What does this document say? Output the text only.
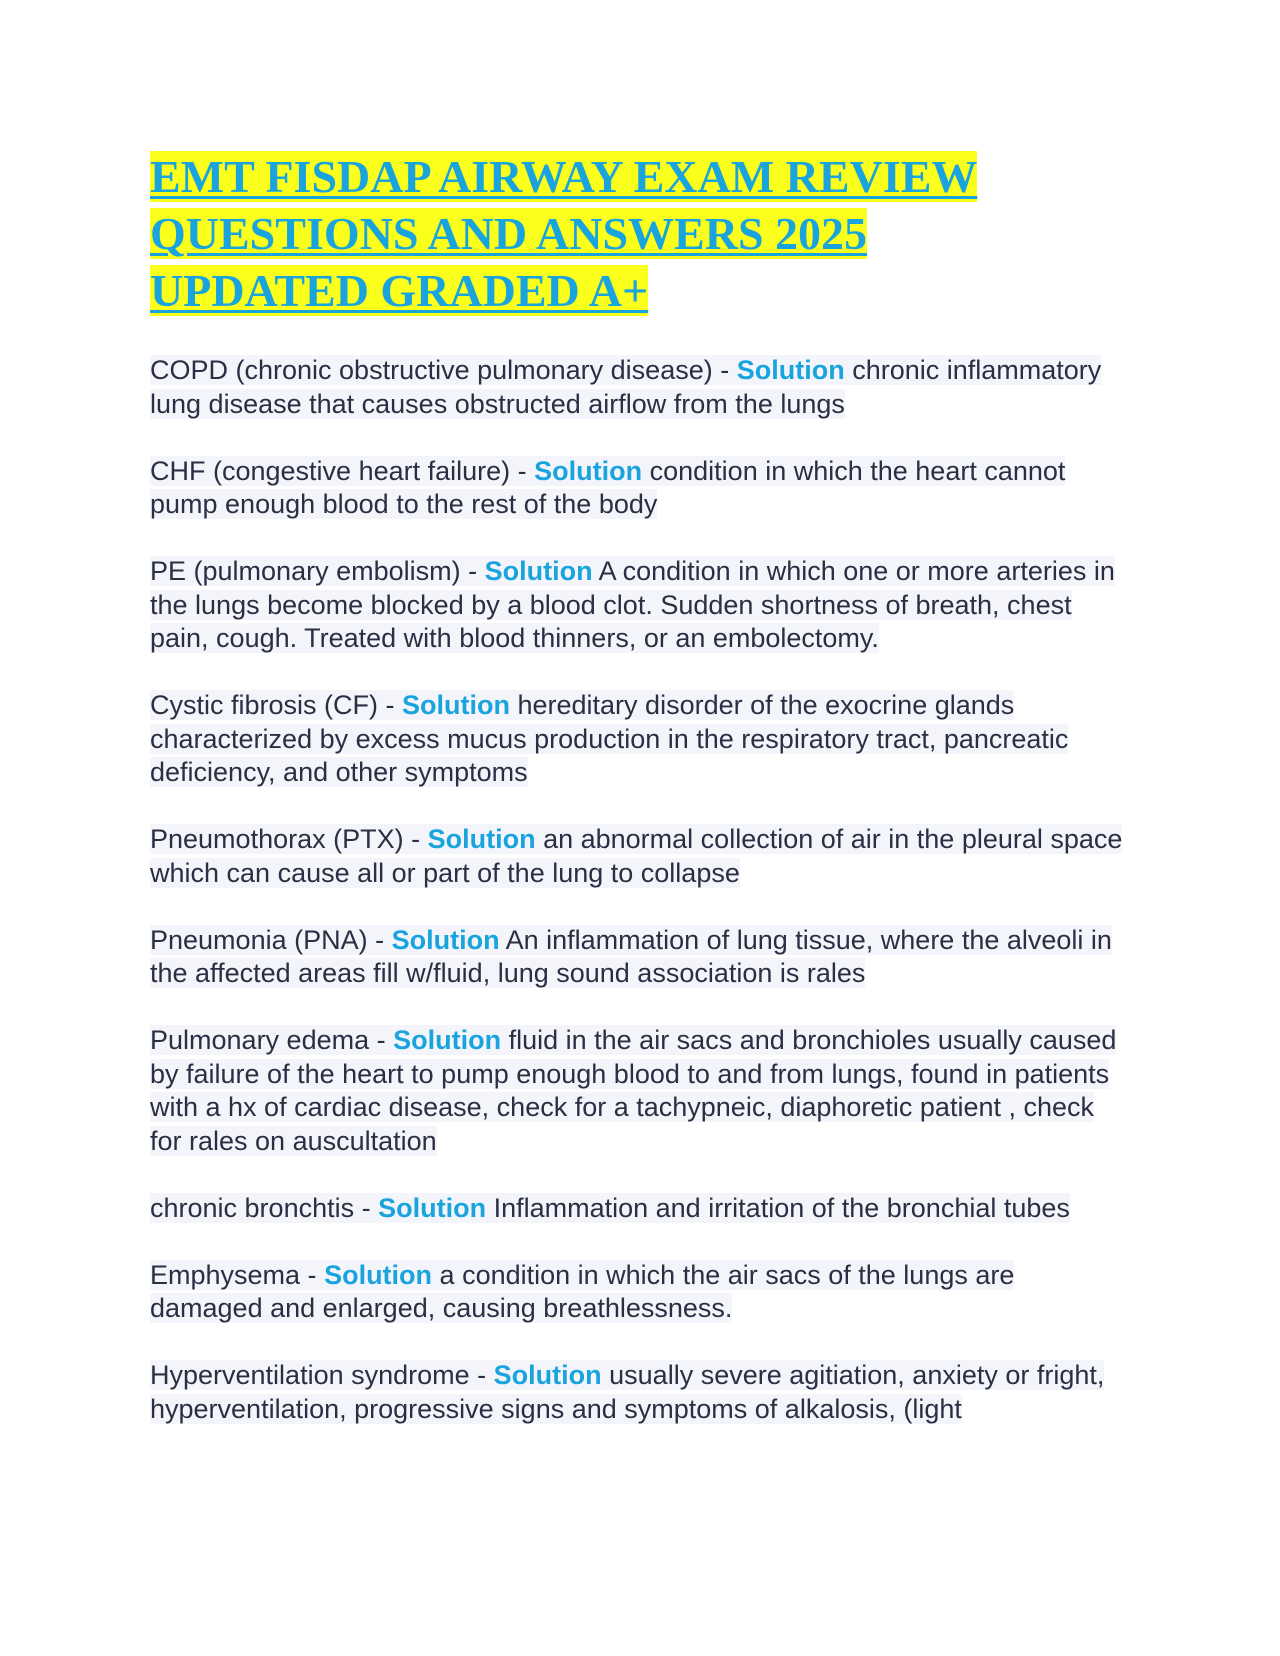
EMT FISDAP AIRWAY EXAM REVIEW
QUESTIONS AND ANSWERS 2025
UPDATED GRADED A+

COPD (chronic obstructive pulmonary disease) - Solution chronic inflammatory lung disease that causes obstructed airflow from the lungs

CHF (congestive heart failure) - Solution condition in which the heart cannot pump enough blood to the rest of the body

PE (pulmonary embolism) - Solution A condition in which one or more arteries in the lungs become blocked by a blood clot. Sudden shortness of breath, chest pain, cough. Treated with blood thinners, or an embolectomy.

Cystic fibrosis (CF) - Solution hereditary disorder of the exocrine glands characterized by excess mucus production in the respiratory tract, pancreatic deficiency, and other symptoms

Pneumothorax (PTX) - Solution an abnormal collection of air in the pleural space which can cause all or part of the lung to collapse

Pneumonia (PNA) - Solution An inflammation of lung tissue, where the alveoli in the affected areas fill w/fluid, lung sound association is rales

Pulmonary edema - Solution fluid in the air sacs and bronchioles usually caused by failure of the heart to pump enough blood to and from lungs, found in patients with a hx of cardiac disease, check for a tachypneic, diaphoretic patient , check for rales on auscultation

chronic bronchtis - Solution Inflammation and irritation of the bronchial tubes

Emphysema - Solution a condition in which the air sacs of the lungs are damaged and enlarged, causing breathlessness.

Hyperventilation syndrome - Solution usually severe agitiation, anxiety or fright, hyperventilation, progressive signs and symptoms of alkalosis, (light
